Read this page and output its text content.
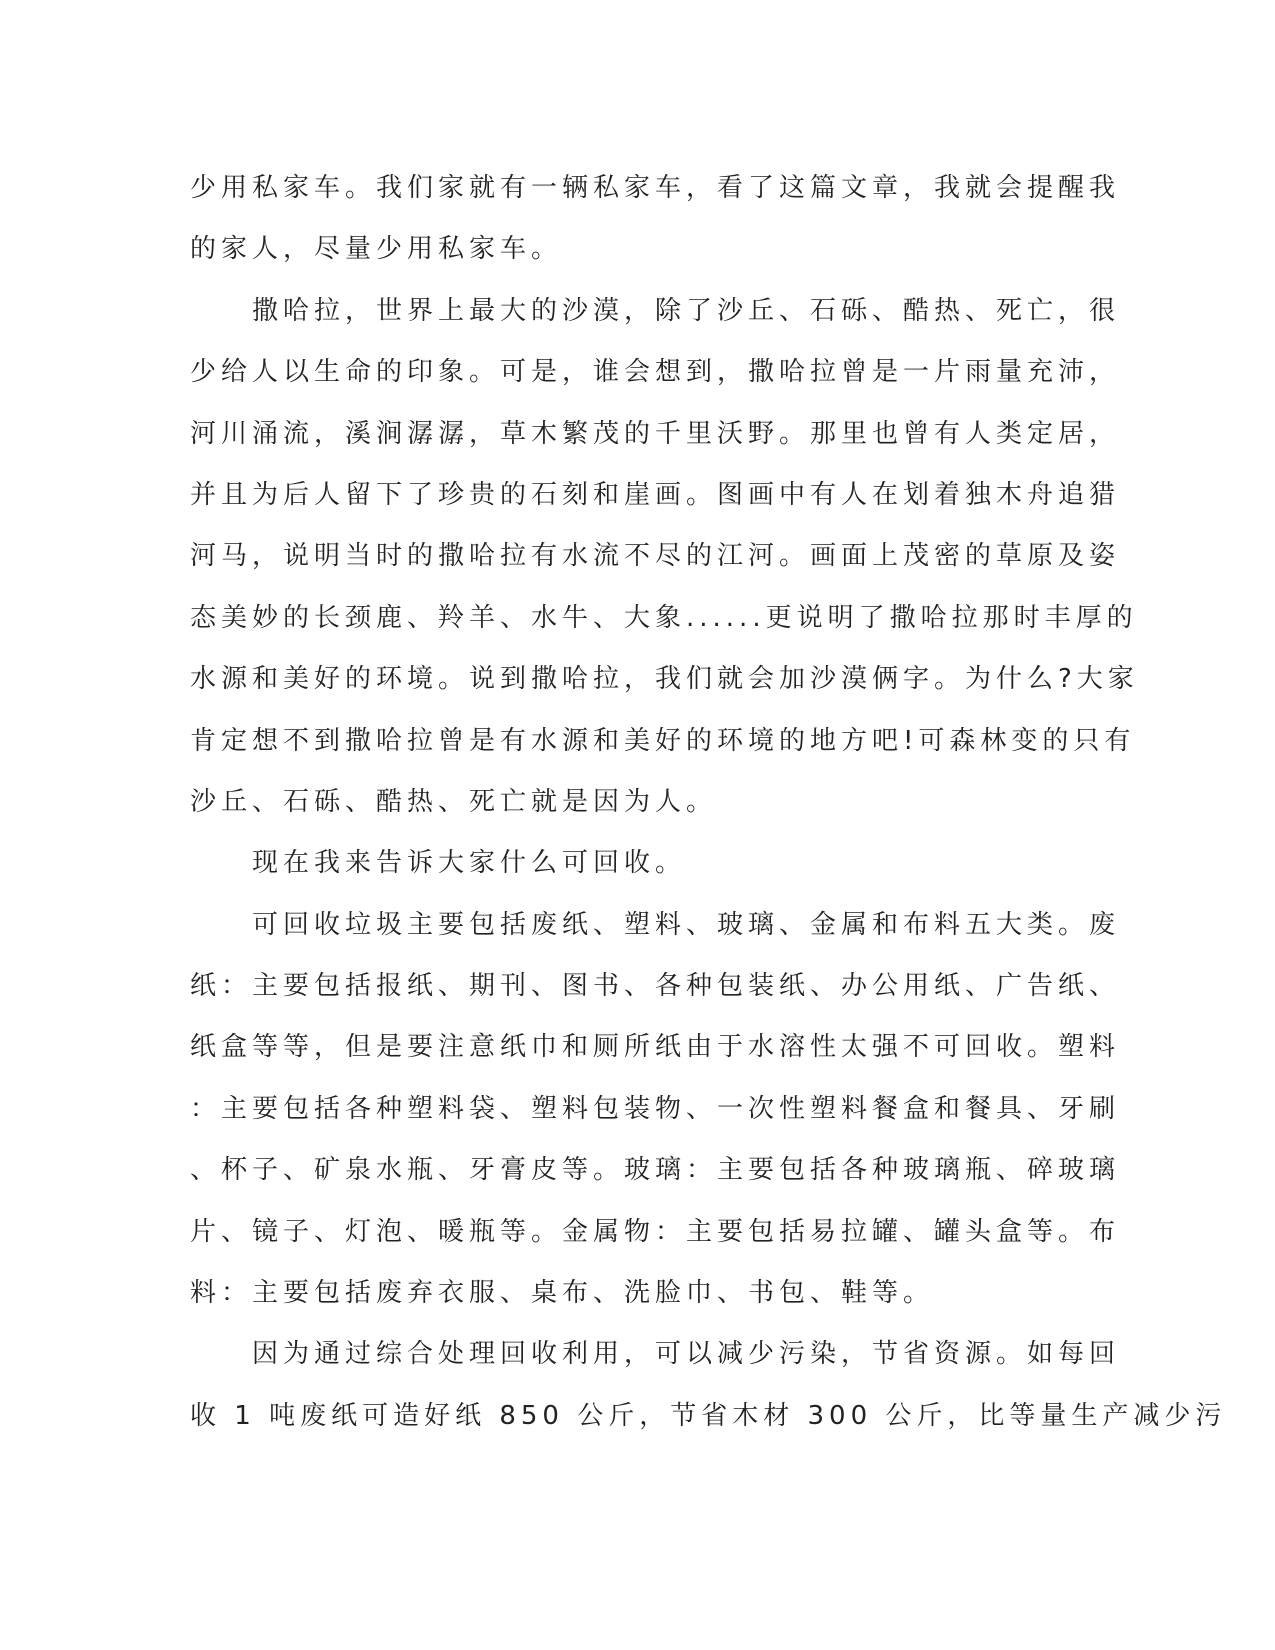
少用私家车。我们家就有一辆私家车，看了这篇文章，我就会提醒我
的家人，尽量少用私家车。
　　撒哈拉，世界上最大的沙漠，除了沙丘、石砾、酷热、死亡，很
少给人以生命的印象。可是，谁会想到，撒哈拉曾是一片雨量充沛，
河川涌流，溪涧潺潺，草木繁茂的千里沃野。那里也曾有人类定居，
并且为后人留下了珍贵的石刻和崖画。图画中有人在划着独木舟追猎
河马，说明当时的撒哈拉有水流不尽的江河。画面上茂密的草原及姿
态美妙的长颈鹿、羚羊、水牛、大象......更说明了撒哈拉那时丰厚的
水源和美好的环境。说到撒哈拉，我们就会加沙漠俩字。为什么?大家
肯定想不到撒哈拉曾是有水源和美好的环境的地方吧!可森林变的只有
沙丘、石砾、酷热、死亡就是因为人。
　　现在我来告诉大家什么可回收。
　　可回收垃圾主要包括废纸、塑料、玻璃、金属和布料五大类。废
纸：主要包括报纸、期刊、图书、各种包装纸、办公用纸、广告纸、
纸盒等等，但是要注意纸巾和厕所纸由于水溶性太强不可回收。塑料
：主要包括各种塑料袋、塑料包装物、一次性塑料餐盒和餐具、牙刷
、杯子、矿泉水瓶、牙膏皮等。玻璃：主要包括各种玻璃瓶、碎玻璃
片、镜子、灯泡、暖瓶等。金属物：主要包括易拉罐、罐头盒等。布
料：主要包括废弃衣服、桌布、洗脸巾、书包、鞋等。
　　因为通过综合处理回收利用，可以减少污染，节省资源。如每回
收 1 吨废纸可造好纸 850 公斤，节省木材 300 公斤，比等量生产减少污
